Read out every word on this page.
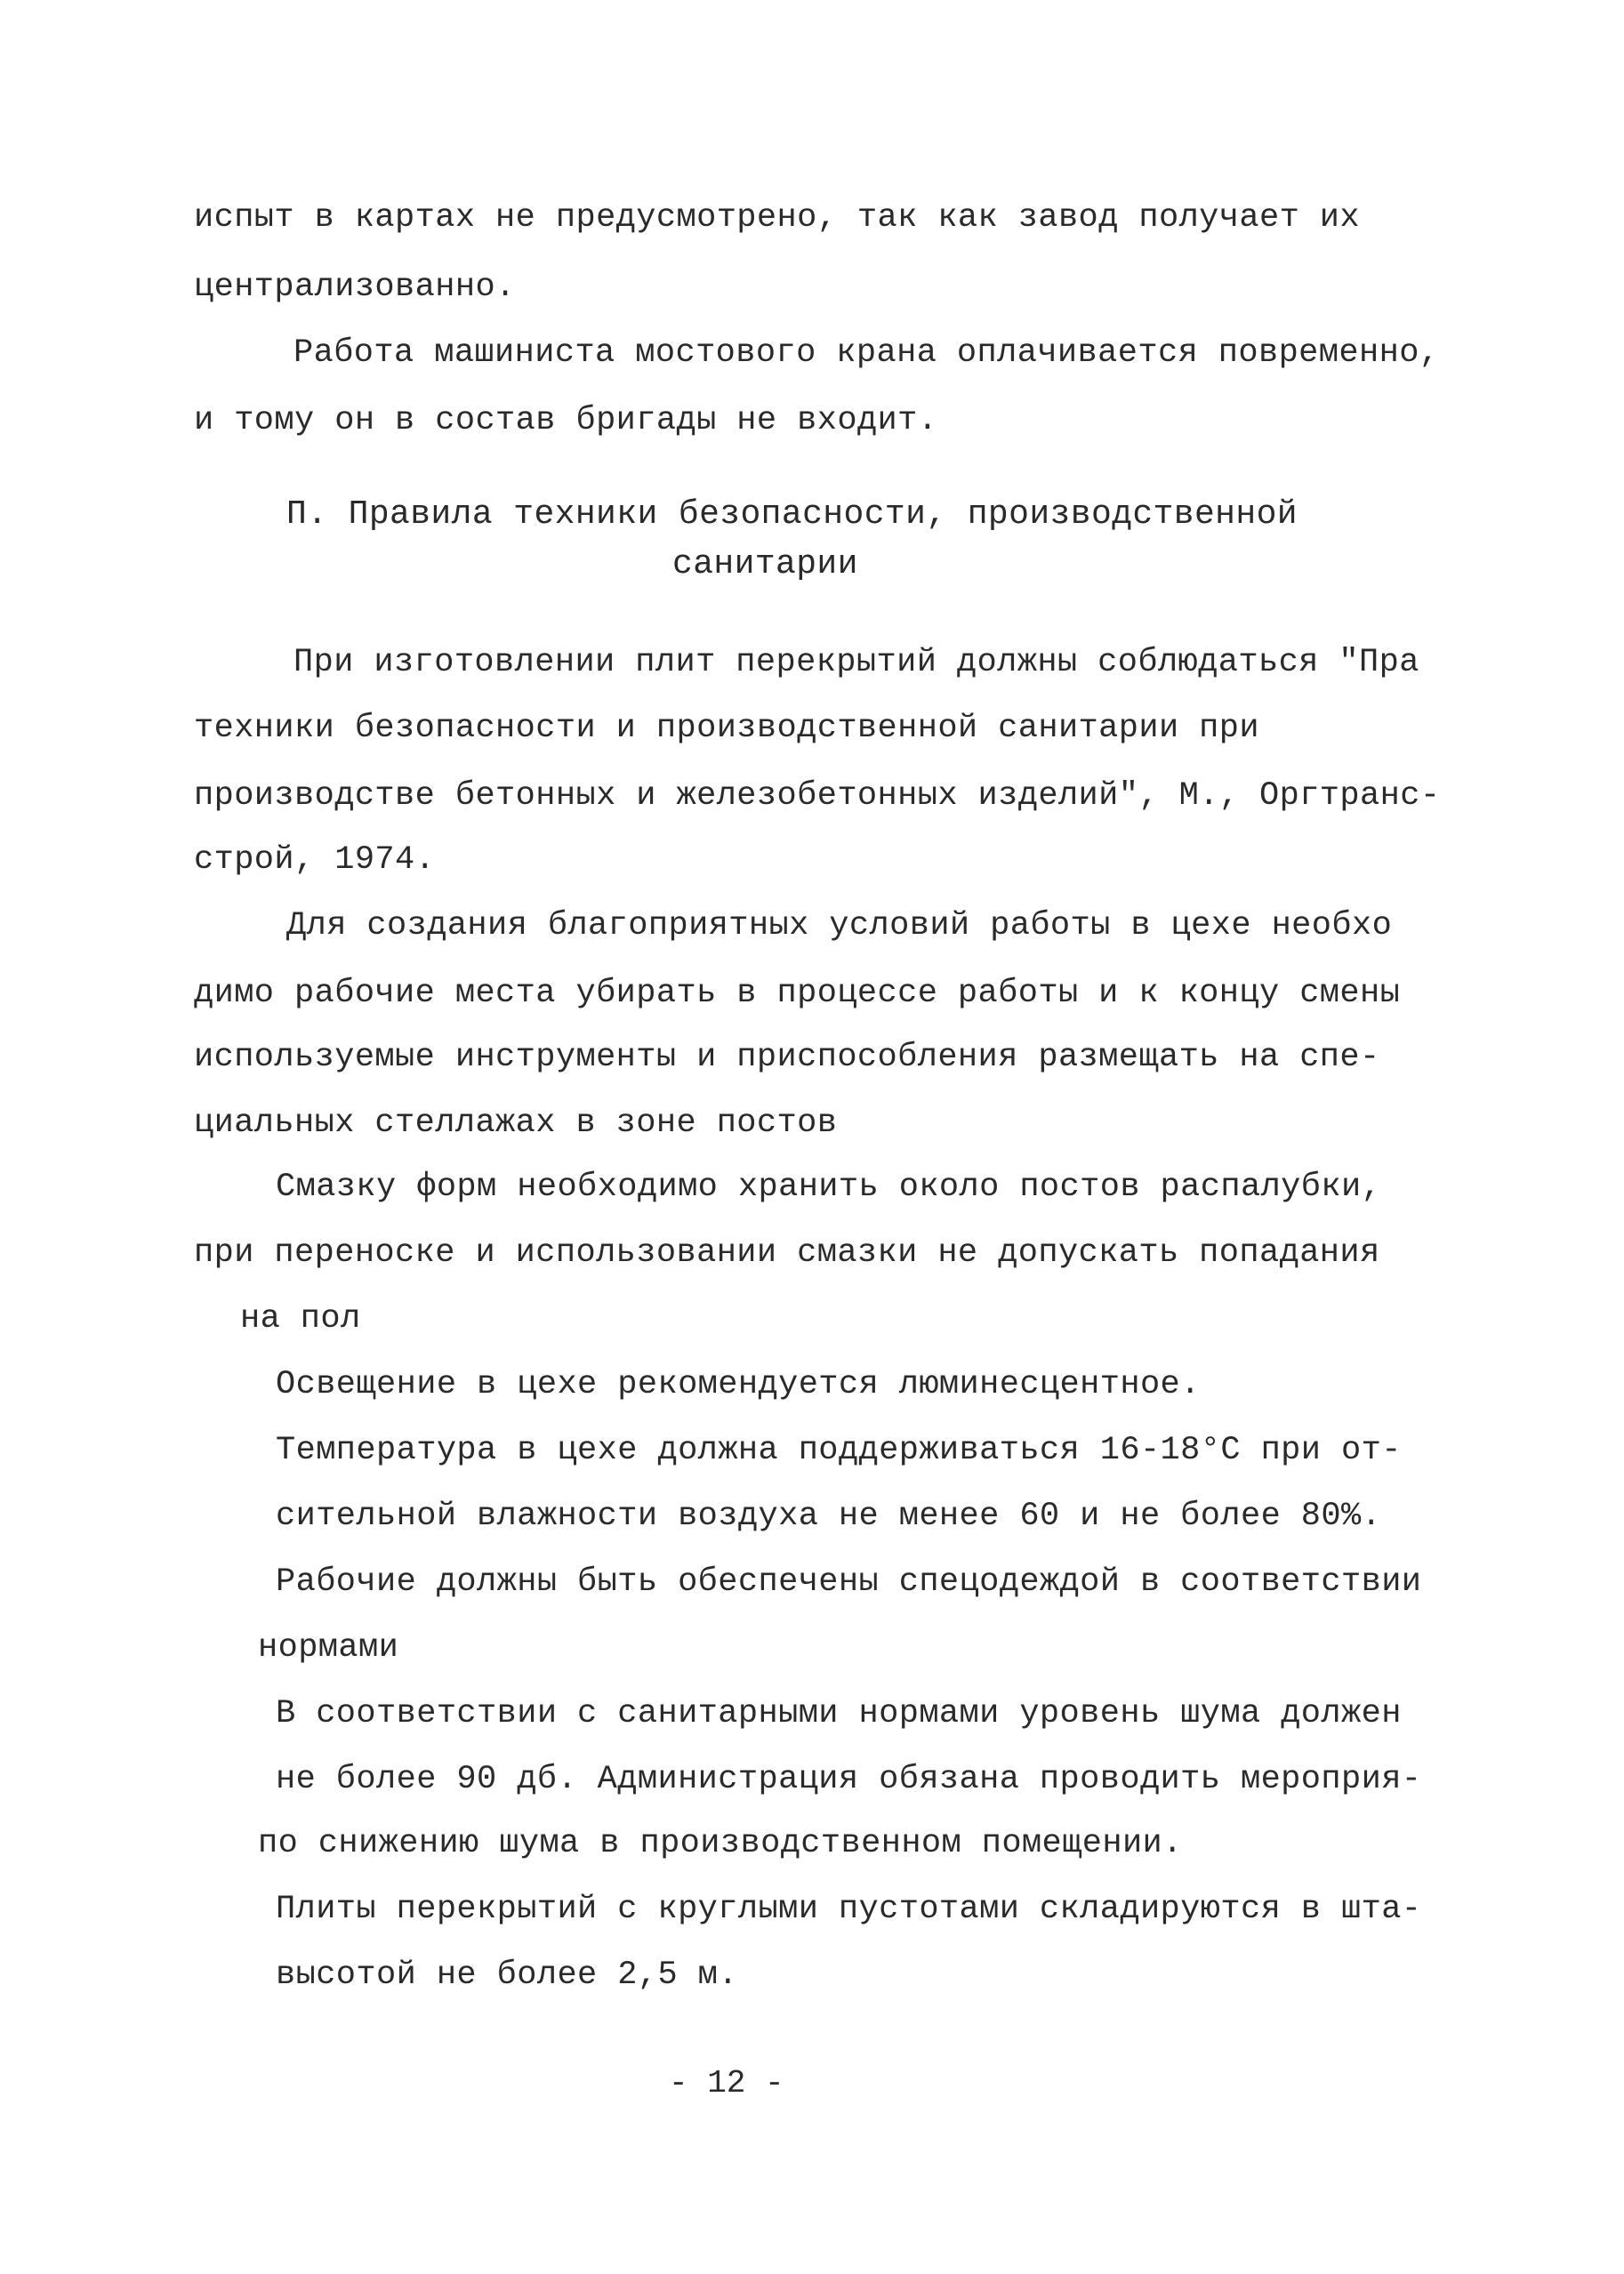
испыт в картах не предусмотрено, так как завод получает их
централизованно.
Работа машиниста мостового крана оплачивается повременно,
и тому он в состав бригады не входит.
П. Правила техники безопасности, производственной
санитарии
При изготовлении плит перекрытий должны соблюдаться "Пра
техники безопасности и производственной санитарии при
производстве бетонных и железобетонных изделий", М., Оргтранс-
строй, 1974.
Для создания благоприятных условий работы в цехе необхо
димо рабочие места убирать в процессе работы и к концу смены
используемые инструменты и приспособления размещать на спе-
циальных стеллажах в зоне постов
Смазку форм необходимо хранить около постов распалубки,
при переноске и использовании смазки не допускать попадания
на пол
Освещение в цехе рекомендуется люминесцентное.
Температура в цехе должна поддерживаться 16-18°С при от-
сительной влажности воздуха не менее 60 и не более 80%.
Рабочие должны быть обеспечены спецодеждой в соответствии
нормами
В соответствии с санитарными нормами уровень шума должен
не более 90 дб. Администрация обязана проводить мероприя-
по снижению шума в производственном помещении.
Плиты перекрытий с круглыми пустотами складируются в шта-
высотой не более 2,5 м.
- 12 -
